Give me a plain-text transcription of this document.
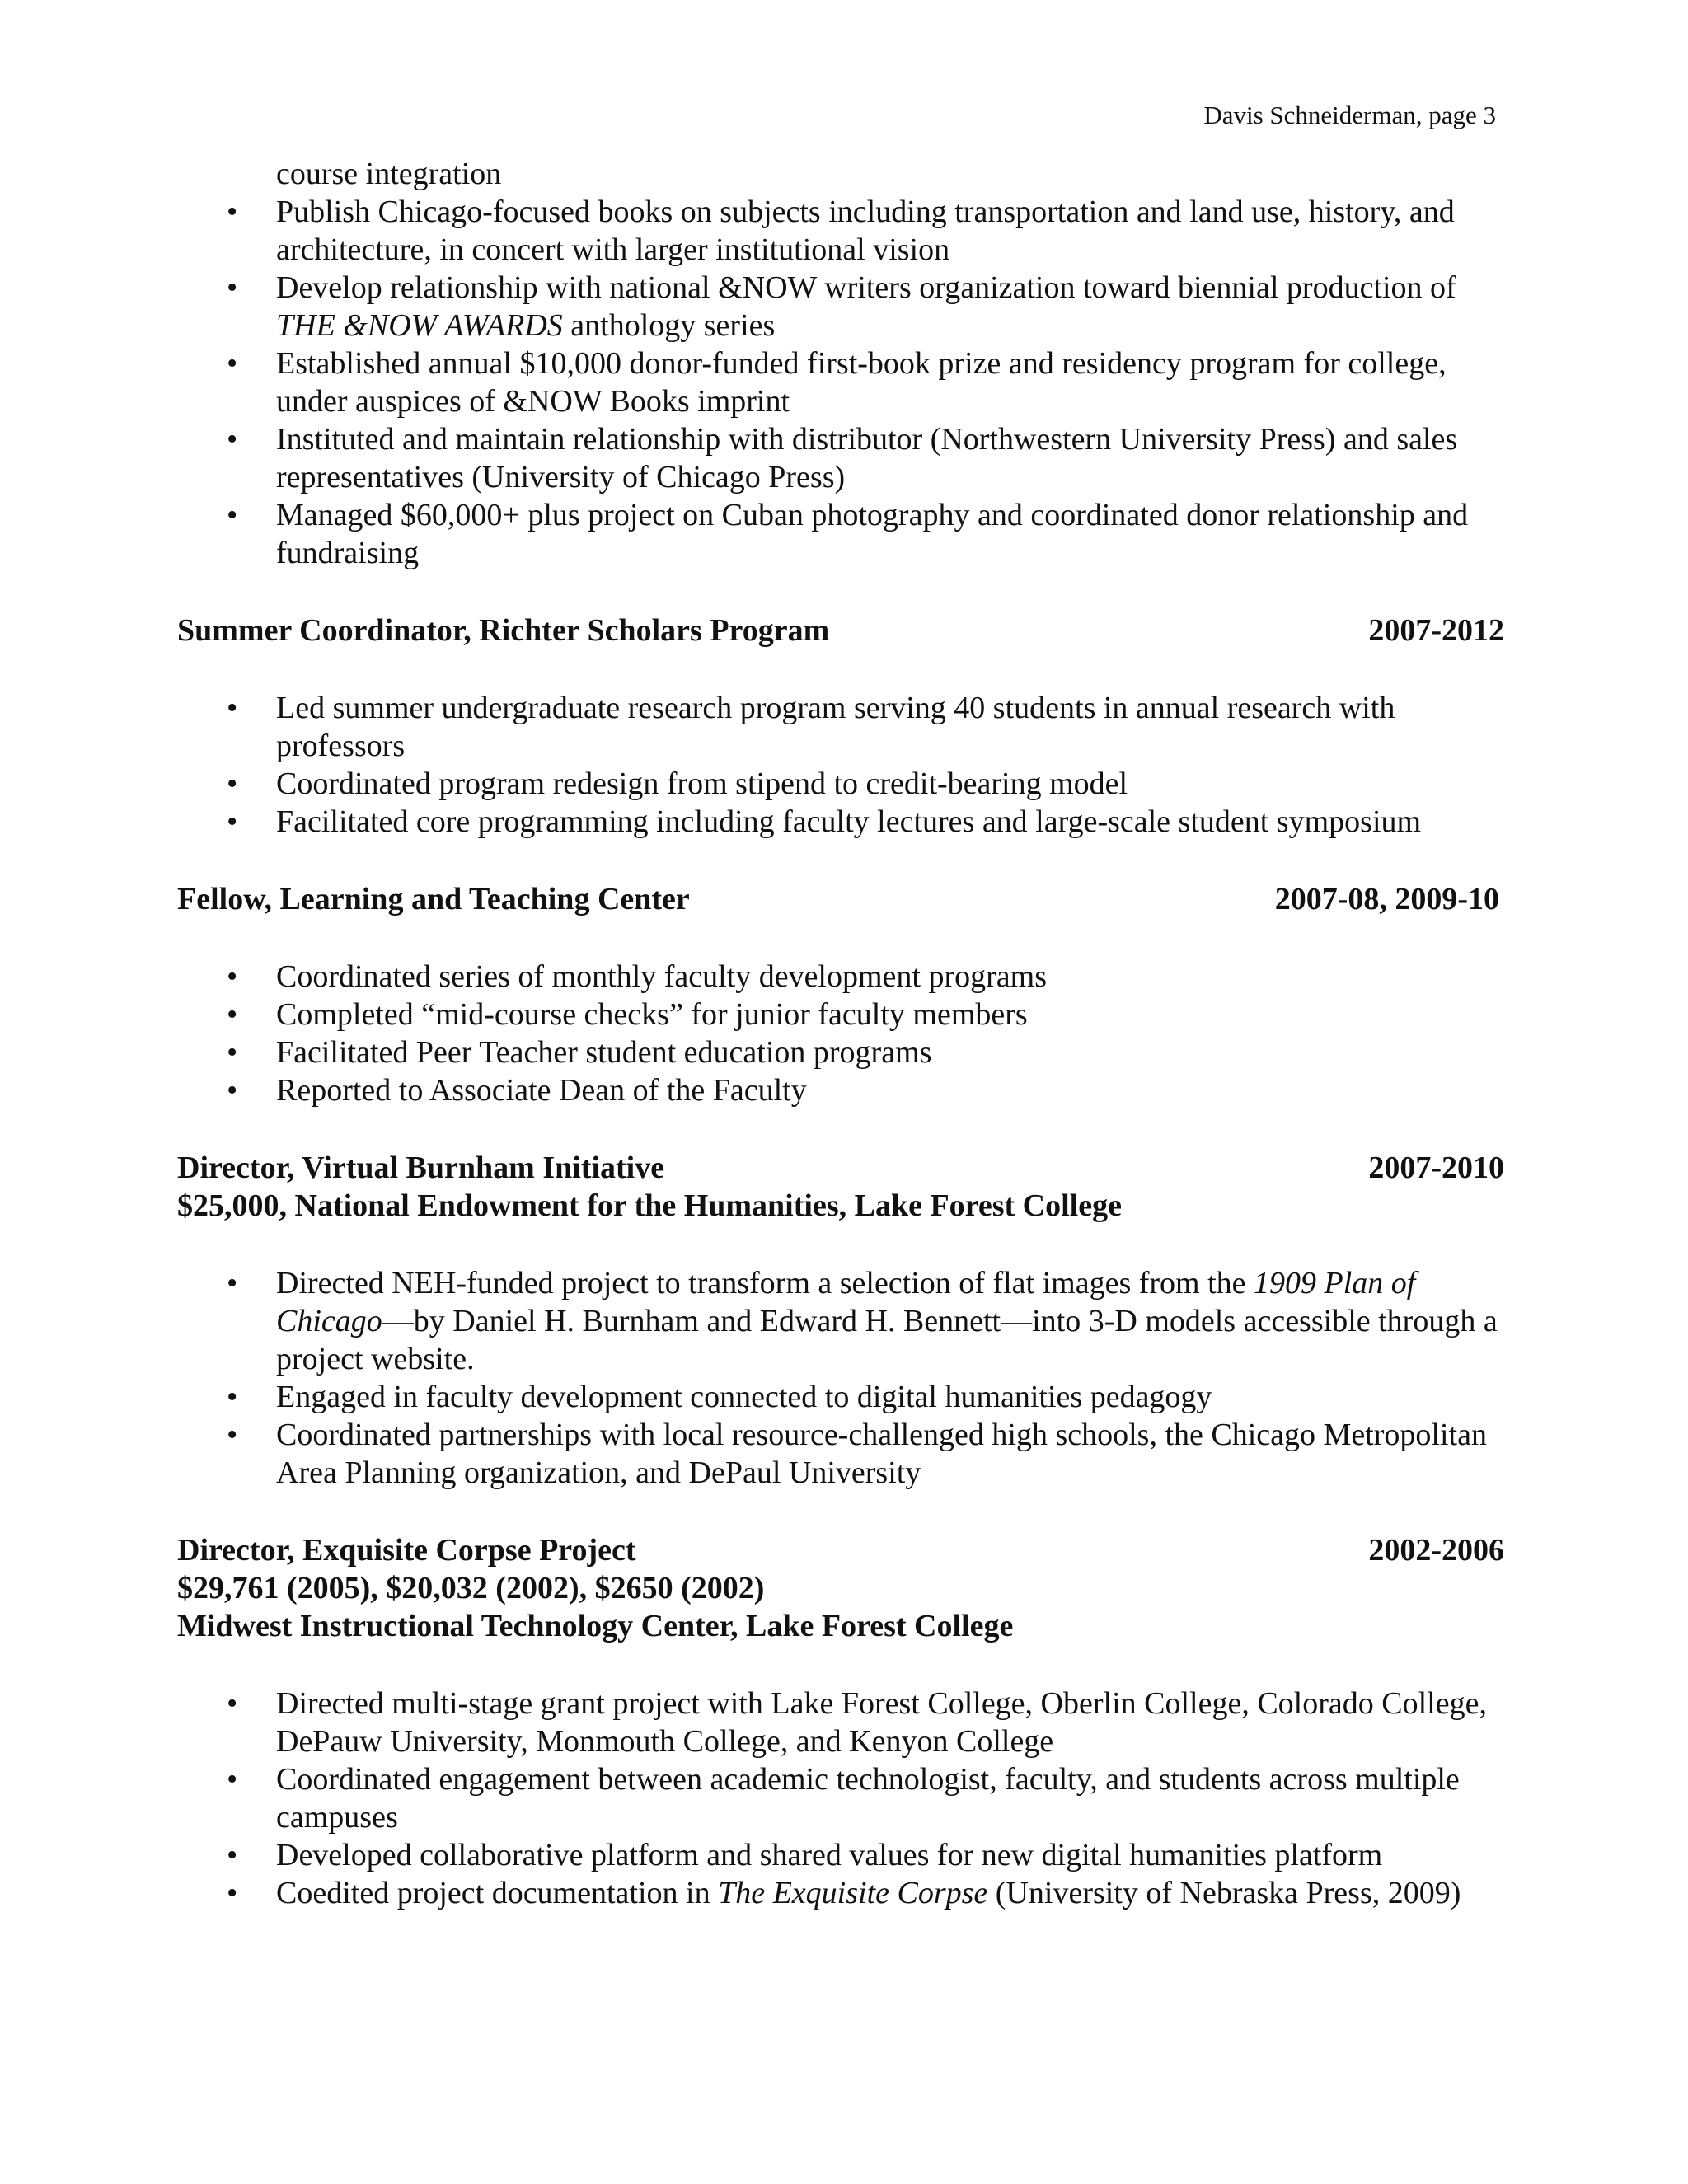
Davis Schneiderman, page 3
course integration
• Publish Chicago-focused books on subjects including transportation and land use, history, and architecture, in concert with larger institutional vision
• Develop relationship with national &NOW writers organization toward biennial production of THE &NOW AWARDS anthology series
• Established annual $10,000 donor-funded first-book prize and residency program for college, under auspices of &NOW Books imprint
• Instituted and maintain relationship with distributor (Northwestern University Press) and sales representatives (University of Chicago Press)
• Managed $60,000+ plus project on Cuban photography and coordinated donor relationship and fundraising
Summer Coordinator, Richter Scholars Program	2007-2012
• Led summer undergraduate research program serving 40 students in annual research with professors
• Coordinated program redesign from stipend to credit-bearing model
• Facilitated core programming including faculty lectures and large-scale student symposium
Fellow, Learning and Teaching Center	2007-08, 2009-10
• Coordinated series of monthly faculty development programs
• Completed “mid-course checks” for junior faculty members
• Facilitated Peer Teacher student education programs
• Reported to Associate Dean of the Faculty
Director, Virtual Burnham Initiative	2007-2010
$25,000, National Endowment for the Humanities, Lake Forest College
• Directed NEH-funded project to transform a selection of flat images from the 1909 Plan of Chicago—by Daniel H. Burnham and Edward H. Bennett—into 3-D models accessible through a project website.
• Engaged in faculty development connected to digital humanities pedagogy
• Coordinated partnerships with local resource-challenged high schools, the Chicago Metropolitan Area Planning organization, and DePaul University
Director, Exquisite Corpse Project	2002-2006
$29,761 (2005), $20,032 (2002), $2650 (2002)
Midwest Instructional Technology Center, Lake Forest College
• Directed multi-stage grant project with Lake Forest College, Oberlin College, Colorado College, DePauw University, Monmouth College, and Kenyon College
• Coordinated engagement between academic technologist, faculty, and students across multiple campuses
• Developed collaborative platform and shared values for new digital humanities platform
• Coedited project documentation in The Exquisite Corpse (University of Nebraska Press, 2009)
